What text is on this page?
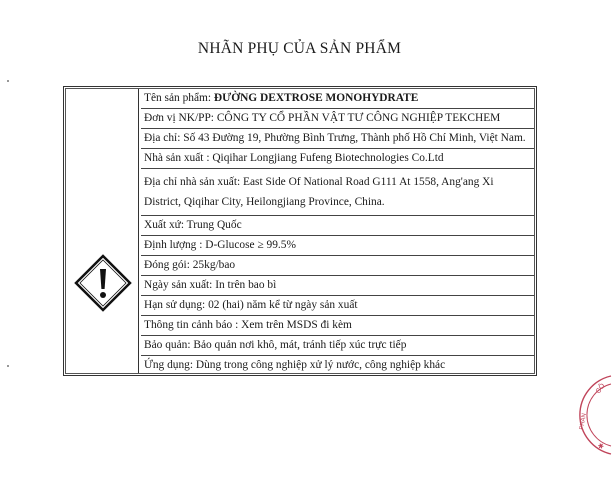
NHÃN PHỤ CỦA SẢN PHẨM
Tên sản phẩm: ĐƯỜNG DEXTROSE MONOHYDRATE
Đơn vị NK/PP: CÔNG TY CỔ PHẦN VẬT TƯ CÔNG NGHIỆP TEKCHEM
Địa chỉ: Số 43 Đường 19, Phường Bình Trưng, Thành phố Hồ Chí Minh, Việt Nam.
Nhà sản xuất : Qiqihar Longjiang Fufeng Biotechnologies Co.Ltd
Địa chỉ nhà sản xuất: East Side Of National Road G111 At 1558, Ang'ang Xi District, Qiqihar City, Heilongjiang Province, China.
Xuất xứ: Trung Quốc
Định lượng : D-Glucose ≥ 99.5%
Đóng gói: 25kg/bao
Ngày sản xuất: In trên bao bì
Hạn sử dụng: 02 (hai) năm kể từ ngày sản xuất
Thông tin cảnh báo : Xem trên MSDS đi kèm
Bảo quản: Bảo quản nơi khô, mát, tránh tiếp xúc trực tiếp
Ứng dụng: Dùng trong công nghiệp xử lý nước, công nghiệp khác
CÔ
PHAN
✱
